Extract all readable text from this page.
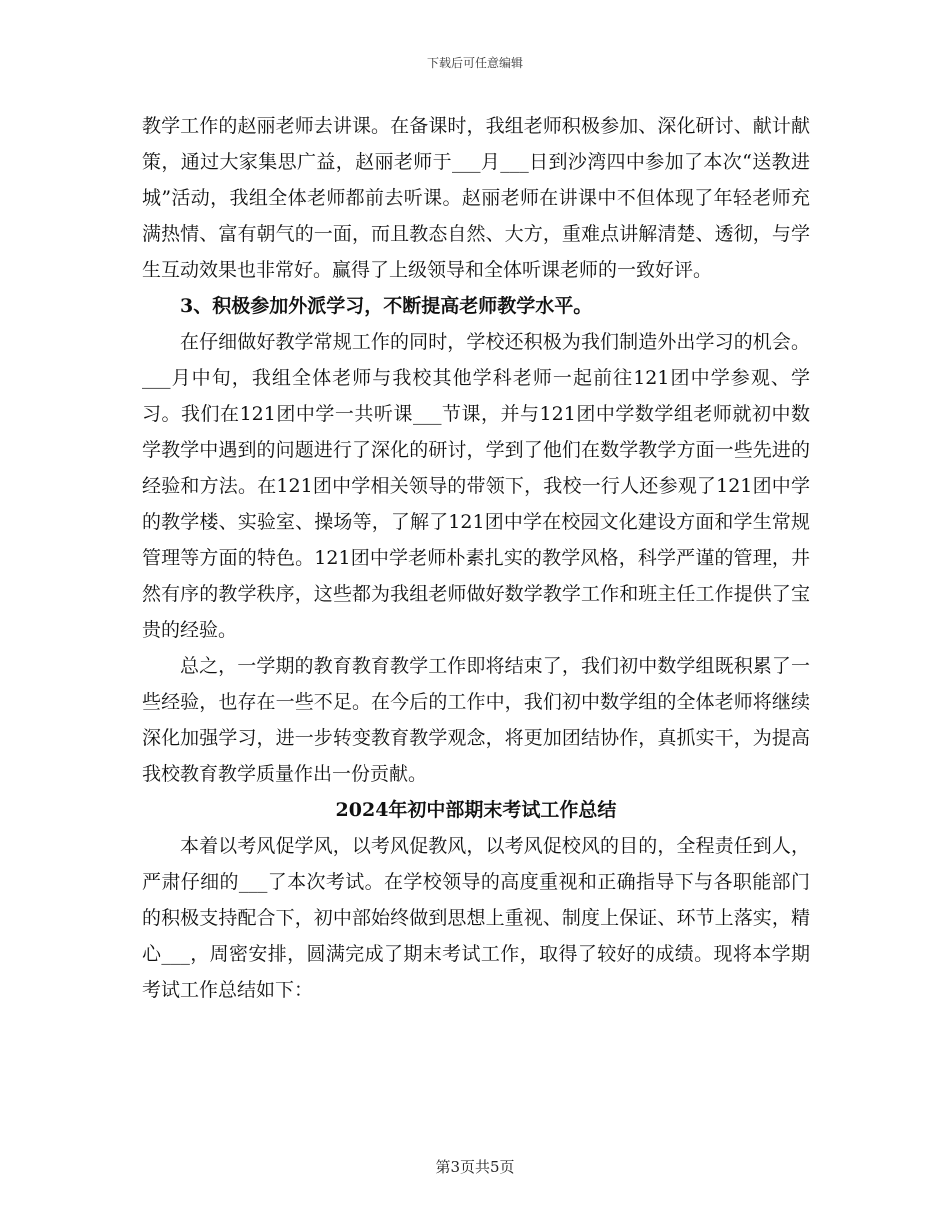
下载后可任意编辑

教学工作的赵丽老师去讲课。在备课时，我组老师积极参加、深化研讨、献计献策，通过大家集思广益，赵丽老师于___月___日到沙湾四中参加了本次“送教进城”活动，我组全体老师都前去听课。赵丽老师在讲课中不但体现了年轻老师充满热情、富有朝气的一面，而且教态自然、大方，重难点讲解清楚、透彻，与学生互动效果也非常好。赢得了上级领导和全体听课老师的一致好评。

3、积极参加外派学习，不断提高老师教学水平。

在仔细做好教学常规工作的同时，学校还积极为我们制造外出学习的机会。___月中旬，我组全体老师与我校其他学科老师一起前往121团中学参观、学习。我们在121团中学一共听课___节课，并与121团中学数学组老师就初中数学教学中遇到的问题进行了深化的研讨，学到了他们在数学教学方面一些先进的经验和方法。在121团中学相关领导的带领下，我校一行人还参观了121团中学的教学楼、实验室、操场等，了解了121团中学在校园文化建设方面和学生常规管理等方面的特色。121团中学老师朴素扎实的教学风格，科学严谨的管理，井然有序的教学秩序，这些都为我组老师做好数学教学工作和班主任工作提供了宝贵的经验。

总之，一学期的教育教育教学工作即将结束了，我们初中数学组既积累了一些经验，也存在一些不足。在今后的工作中，我们初中数学组的全体老师将继续深化加强学习，进一步转变教育教学观念，将更加团结协作，真抓实干，为提高我校教育教学质量作出一份贡献。

2024年初中部期末考试工作总结

本着以考风促学风，以考风促教风，以考风促校风的目的，全程责任到人，严肃仔细的___了本次考试。在学校领导的高度重视和正确指导下与各职能部门的积极支持配合下，初中部始终做到思想上重视、制度上保证、环节上落实，精心___，周密安排，圆满完成了期末考试工作，取得了较好的成绩。现将本学期考试工作总结如下：

第3页共5页
